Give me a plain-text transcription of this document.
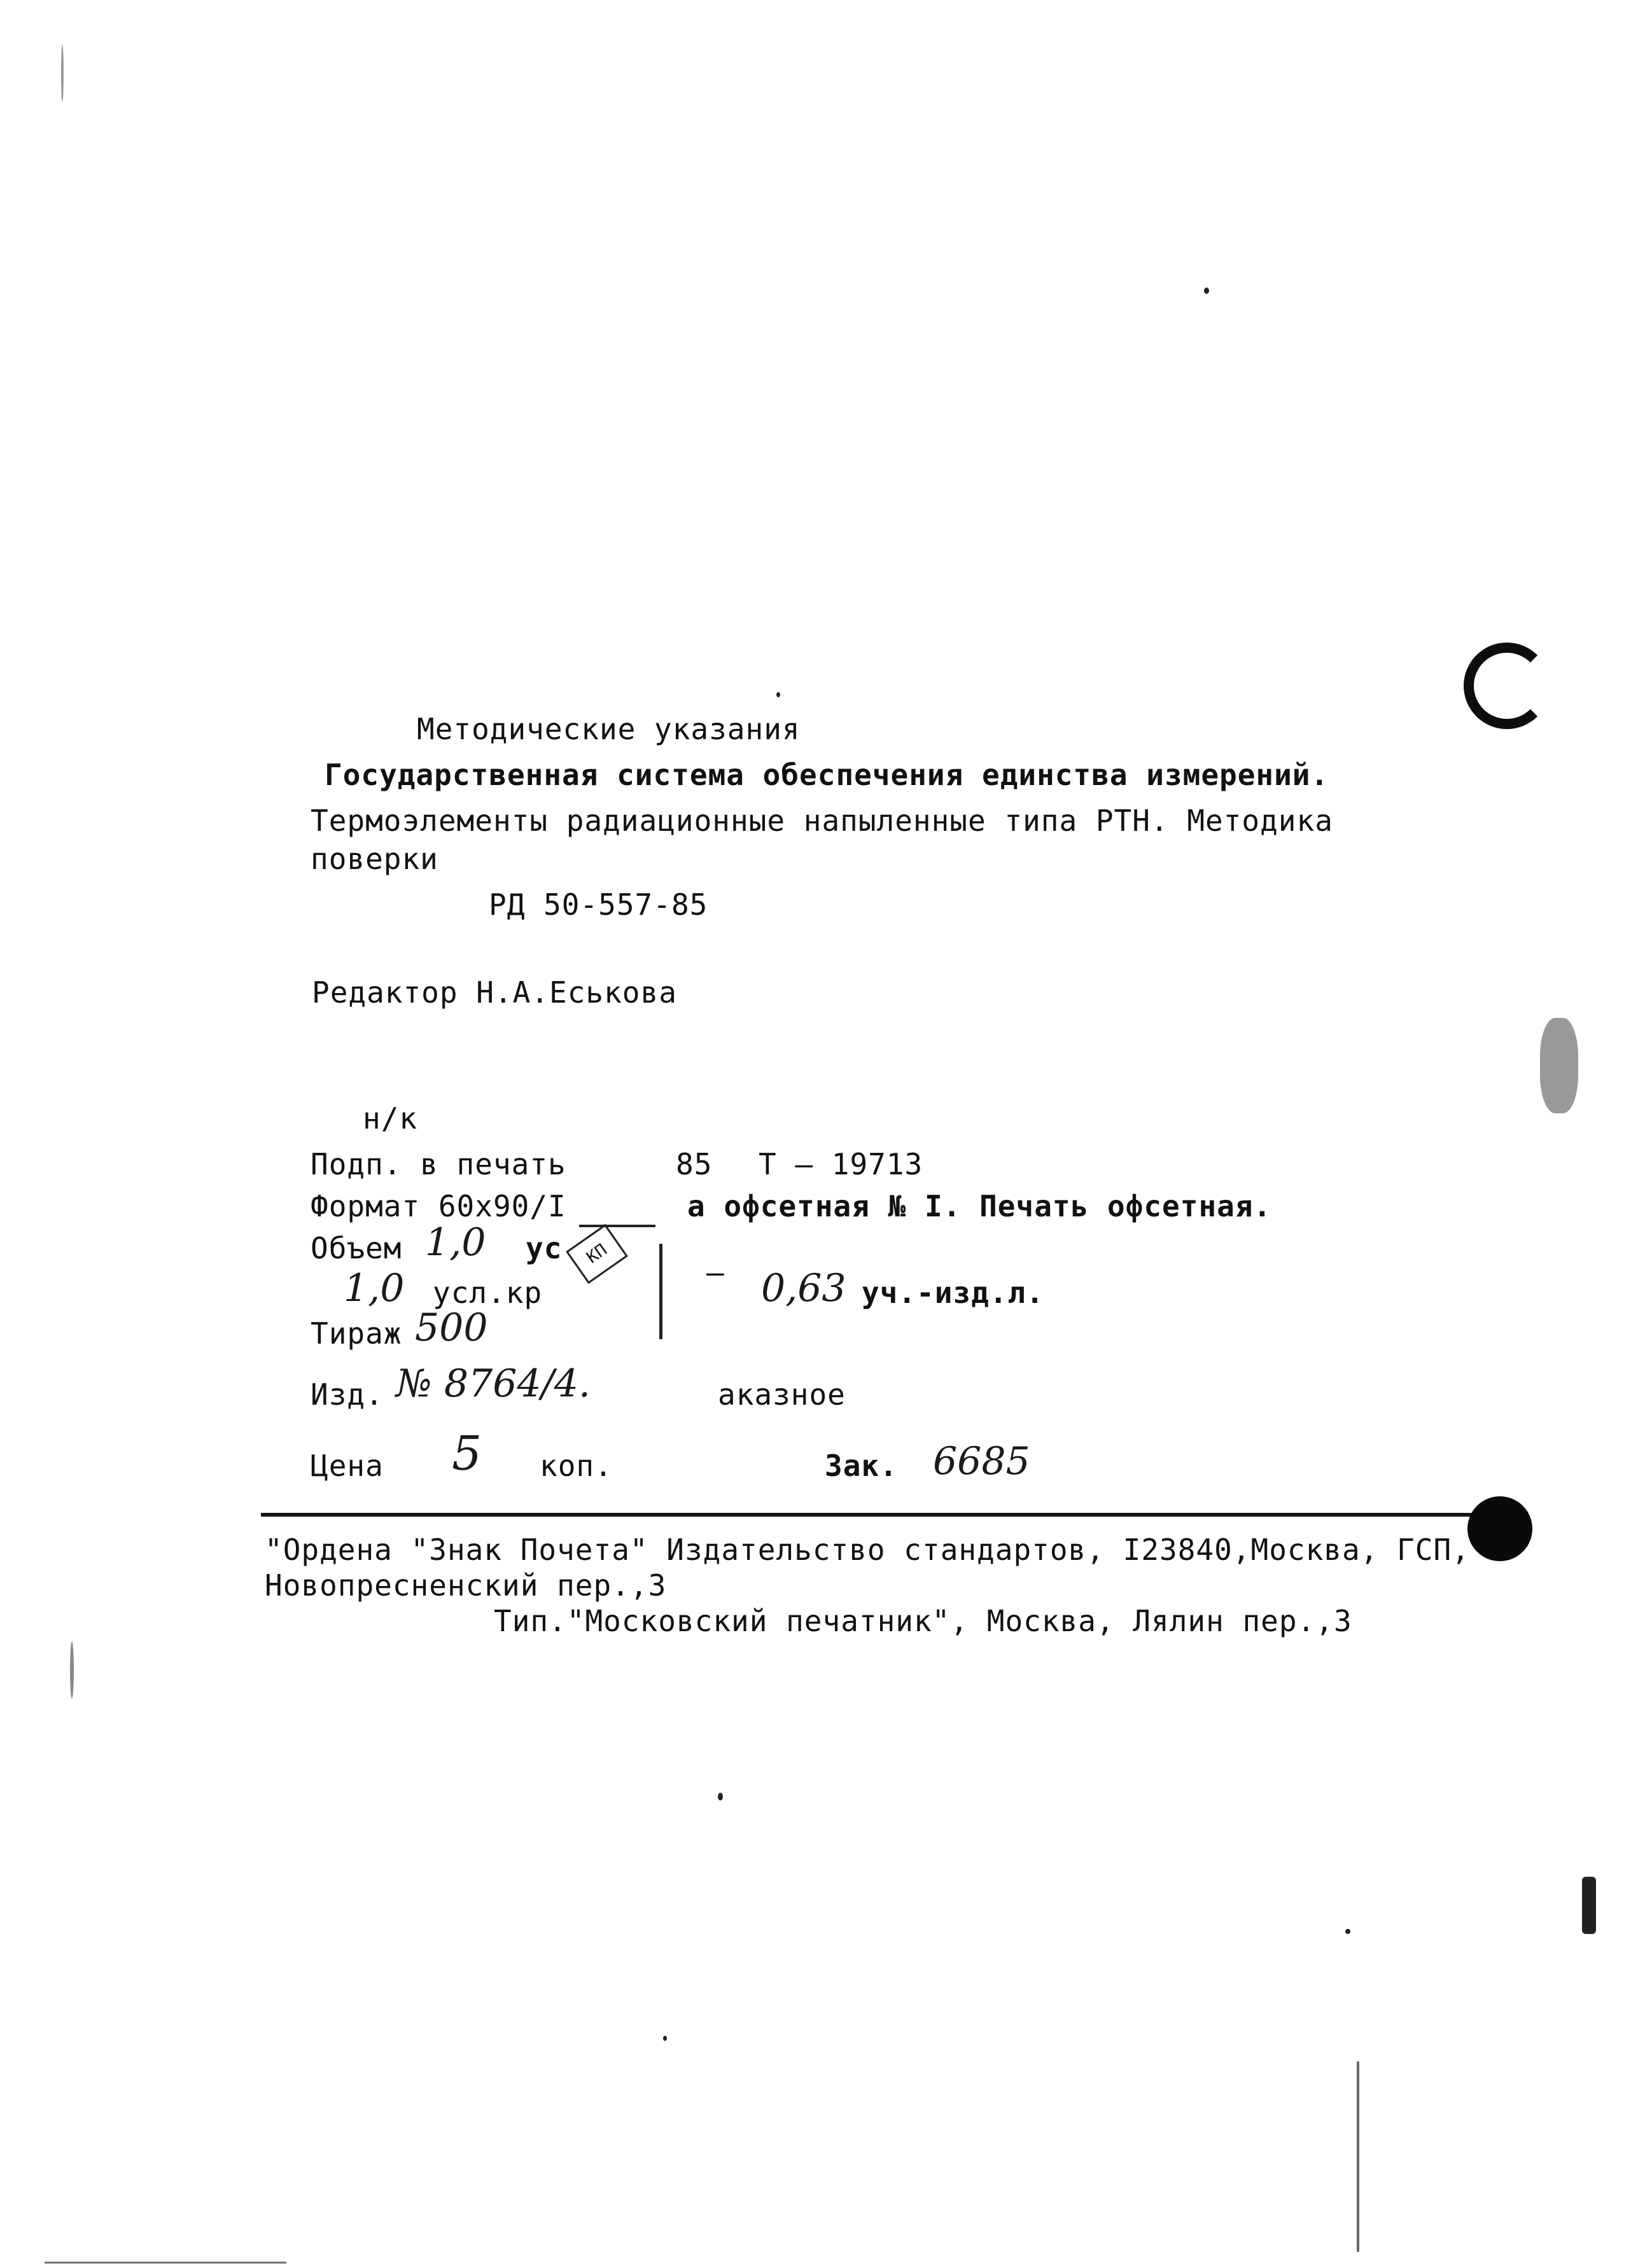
Методические указания
Государственная система обеспечения единства измерений.
Термоэлементы радиационные напыленные типа РТН. Методика
поверки
РД 50-557-85
Редактор Н.А.Еськова
н/к
Подп. в печать	85 Т — 19713
Формат 60x90/I	а офсетная № I. Печать офсетная.
Объем 1,0 ус	КП
1,0 усл.кр
— 0,63 уч.-изд.л.
Тираж 500
Изд. № 8764/4.	аказное
Цена 5 коп.	Зак. 6685
"Ордена "Знак Почета" Издательство стандартов, I23840,Москва, ГСП,
Новопресненский пер.,3
Тип."Московский печатник", Москва, Лялин пер.,3
